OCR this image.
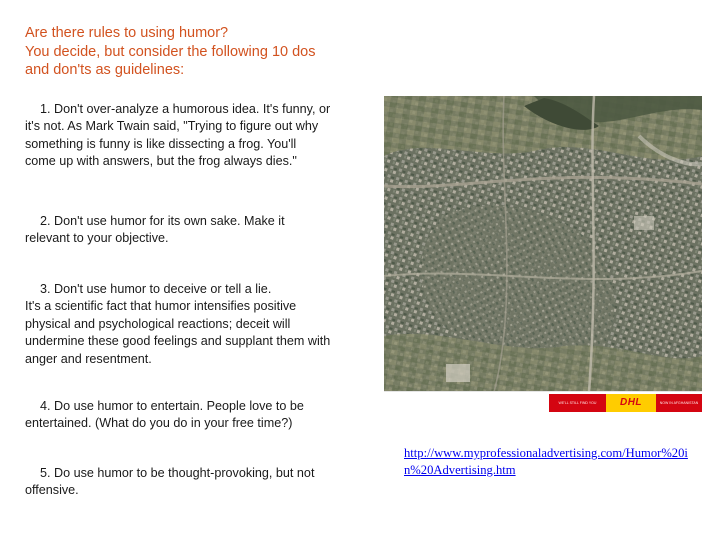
Are there rules to using humor?
You decide, but consider the following 10 dos
and don'ts as guidelines:
1. Don't over-analyze a humorous idea. It's funny, or
it's not. As Mark Twain said, "Trying to figure out why
something is funny is like dissecting a frog. You'll
come up with answers, but the frog always dies."
2. Don't use humor for its own sake. Make it
relevant to your objective.
3. Don't use humor to deceive or tell a lie.
It's a scientific fact that humor intensifies positive
physical and psychological reactions; deceit will
undermine these good feelings and supplant them with
anger and resentment.
4. Do use humor to entertain. People love to be
entertained. (What do you do in your free time?)
5. Do use humor to be thought-provoking, but not
offensive.
WE'LL STILL FIND YOU	DHL	NOW IN AFGHANISTAN
http://www.myprofessionaladvertising.com/Humor%20in%20Advertising.htm
